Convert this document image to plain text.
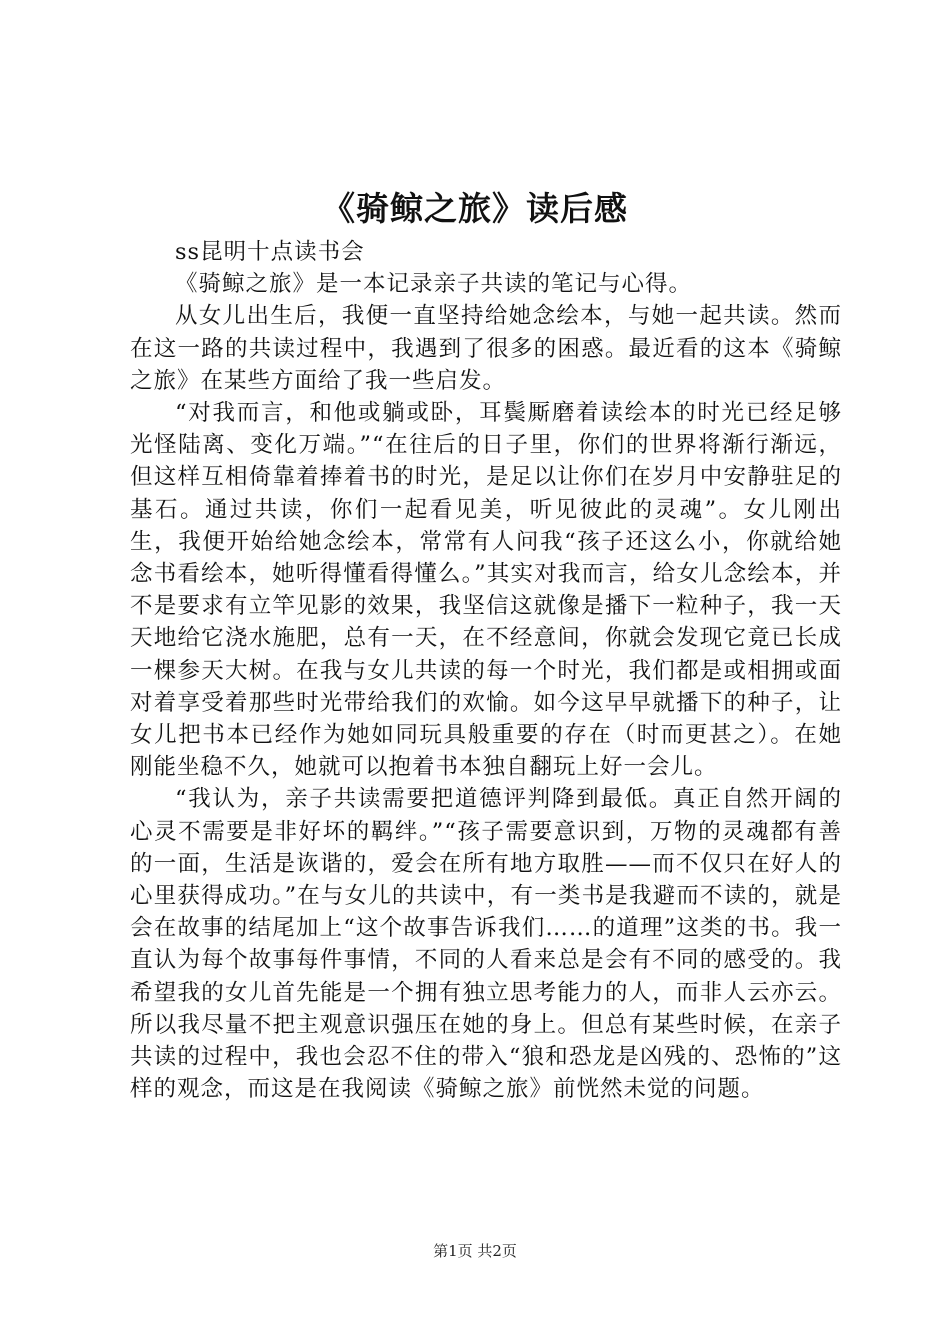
《骑鲸之旅》读后感

ss昆明十点读书会

《骑鲸之旅》是一本记录亲子共读的笔记与心得。

从女儿出生后，我便一直坚持给她念绘本，与她一起共读。然而在这一路的共读过程中，我遇到了很多的困惑。最近看的这本《骑鲸之旅》在某些方面给了我一些启发。

“对我而言，和他或躺或卧，耳鬓厮磨着读绘本的时光已经足够光怪陆离、变化万端。”“在往后的日子里，你们的世界将渐行渐远，但这样互相倚靠着捧着书的时光，是足以让你们在岁月中安静驻足的基石。通过共读，你们一起看见美，听见彼此的灵魂”。女儿刚出生，我便开始给她念绘本，常常有人问我“孩子还这么小，你就给她念书看绘本，她听得懂看得懂么。”其实对我而言，给女儿念绘本，并不是要求有立竿见影的效果，我坚信这就像是播下一粒种子，我一天天地给它浇水施肥，总有一天，在不经意间，你就会发现它竟已长成一棵参天大树。在我与女儿共读的每一个时光，我们都是或相拥或面对着享受着那些时光带给我们的欢愉。如今这早早就播下的种子，让女儿把书本已经作为她如同玩具般重要的存在（时而更甚之）。在她刚能坐稳不久，她就可以抱着书本独自翻玩上好一会儿。

“我认为，亲子共读需要把道德评判降到最低。真正自然开阔的心灵不需要是非好坏的羁绊。”“孩子需要意识到，万物的灵魂都有善的一面，生活是诙谐的，爱会在所有地方取胜——而不仅只在好人的心里获得成功。”在与女儿的共读中，有一类书是我避而不读的，就是会在故事的结尾加上“这个故事告诉我们……的道理”这类的书。我一直认为每个故事每件事情，不同的人看来总是会有不同的感受的。我希望我的女儿首先能是一个拥有独立思考能力的人，而非人云亦云。所以我尽量不把主观意识强压在她的身上。但总有某些时候，在亲子共读的过程中，我也会忍不住的带入“狼和恐龙是凶残的、恐怖的”这样的观念，而这是在我阅读《骑鲸之旅》前恍然未觉的问题。

第1页 共2页
